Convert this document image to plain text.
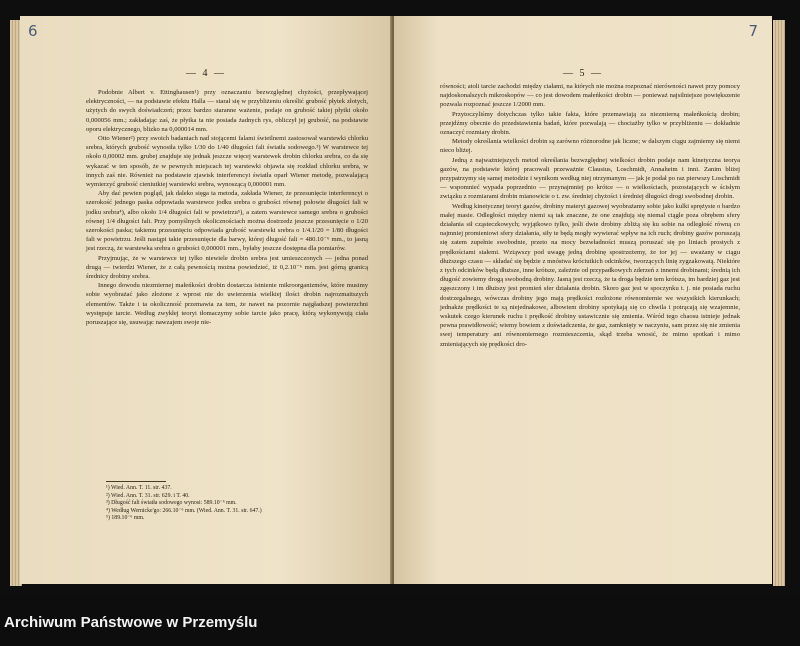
6
— 4 —

Podobnie Albert v. Ettinghausen¹) przy oznaczaniu bezwzględnej chyżości, przepływającej elektryczności, — na podstawie efektu Halla — starał się w przybliżeniu określić grubość płytek złotych, użytych do swych doświadczeń; przez bardzo staranne ważenie, podaje on grubość takiej płytki około 0,000056 mm.; zakładając zaś, że płytka ta nie posiada żadnych rys, obliczył jej grubość, na podstawie oporu elektrycznego, blizko na 0,000014 mm.

Otto Wiener²) przy swoich badaniach nad stojącemi falami świetlnemi zastosował warstewki chlorku srebra, których grubość wynosiła tylko 1/30 do 1/40 długości fali światła sodowego.³) W warstewce tej około 0,00002 mm. grubej znajduje się jednak jeszcze więcej warstewek drobin chlorku srebra, co da się wykazać w ten sposób, że w pewnych miejscach tej warstewki objawia się rozkład chlorku srebra, w innych zaś nie. Również na podstawie zjawisk interferencyi światła oparł Wiener metodę, pozwalającą wymierzyć grubość cieniutkiej warstewki srebra, wynoszącą 0,000001 mm.

Aby dać pewien pogląd, jak daleko sięga ta metoda, zakłada Wiener, że przesunięcie interferencyi o szerokość jednego paska odpowiada warstewce jodku srebra o grubości równej połowie długości fali w jodku srebra⁴), albo około 1/4 długości fali w powietrzu⁵), a zatem warstewce samego srebra o grubości równej 1/4 długości fali. Przy pomyślnych okolicznościach można dostrzedz jeszcze przesunięcie o 1/20 szerokości paska; takiemu przesunięciu odpowiada grubość warstewki srebra o 1/4.1/20 = 1/80 długości fali w powietrzu. Jeśli nastąpi takie przesunięcie dla barwy, której długość fali = 480.10⁻⁶ mm., to jasną jest rzeczą, że warstewka srebra o grubości 0,000001 mm., byłaby jeszcze dostępna dla pomiarów.

Przyjmując, że w warstewce tej tylko niewiele drobin srebra jest umieszczonych — jedna ponad drugą — twierdzi Wiener, że z całą pewnością można powiedzieć, iż 0,2.10⁻⁶ mm. jest górną granicą średnicy drobiny srebra.

Innego dowodu niezmiernej małeńkości drobin dostarcza istnienie mikroorganizmów, które musimy sobie wyobrażać jako złożone z wprost nie do uwierzenia wielkiej ilości drobin najrozmaitszych elementów. Także i ta okoliczność przemawia za tem, że nawet na pozornie najgładszej powierzchni występuje tarcie. Według zwykłej teoryi tłomaczymy sobie tarcie jako pracę, którą wykonywują ciała poruszające się, usuwając nawzajem swoje nie-

¹) Wied. Ann. T. 11. str. 437.
²) Wied. Ann. T. 31. str. 629. i T. 40.
³) Długość fali światła sodowego wynosi: 589.10⁻⁶ mm.
⁴) Według Wernicke'go: 266.10⁻⁶ mm. (Wied. Ann. T. 31. str. 647.)
⁵) 189.10⁻⁶ mm.
7
— 5 —

równości; atoli tarcie zachodzi między ciałami, na których nie można rozpoznać nierówności nawet przy pomocy najdoskonalszych mikroskopów — co jest dowodem małeńkości drobin — ponieważ najsilniejsze powiększenie pozwala rozpoznać jeszcze 1/2000 mm.

Przytoczyliśmy dotychczas tylko takie fakta, które przemawiają za niezmierną małeńkością drobin; przejdźmy obecnie do przedstawienia badań, które pozwalają — chociażby tylko w przybliżeniu — dokładnie oznaczyć rozmiary drobin.

Metody określania wielkości drobin są zarówno różnorodne jak liczne; w dalszym ciągu zajmiemy się niemi nieco bliżej.

Jedną z najważniejszych metod określania bezwzględnej wielkości drobin podaje nam kinetyczna teorya gazów, na podstawie której pracowali przeważnie Clausius, Loschmidt, Annaheim i inni. Zanim bliżej przypatrzymy się samej metodzie i wynikom według niej otrzymanym — jak je podał po raz pierwszy Loschmidt — wspomnieć wypada poprzednio — przynajmniej po krótce — o wielkościach, pozostających w ścisłym związku z rozmiarami drobin mianowicie o t. zw. średniej chyżości i średniej długości drogi swobodnej drobin.

Według kinetycznej teoryi gazów, drobiny materyi gazowej wyobrażamy sobie jako kulki sprężyste o bardzo małej masie. Odległości między niemi są tak znaczne, że one znajdują się niemal ciągle poza obrębem sfery działania sił cząsteczkowych; wyjątkowo tylko, jeśli dwie drobiny zbliżą się ku sobie na odległość równą co najmniej promieniowi sfery działania, siły te będą mogły wywierać wpływ na ich ruch; drobiny gazów poruszają się zatem zupełnie swobodnie, przeto na mocy bezwładności muszą poruszać się po liniach prostych z prędkościami stałemi. Wziąwszy pod uwagę jedną drobinę spostrzeżemy, że tor jej — uważany w ciągu dłuższego czasu — składać się będzie z mnóstwa króciutkich odcinków, tworzących linię zygzakowatą. Niektóre z tych odcinków będą dłuższe, inne krótsze, zależnie od przypadkowych zderzeń z innemi drobinami; średnią ich długość zowiemy drogą swobodną drobiny. Jasną jest rzeczą, że ta droga będzie tem krótsza, im bardziej gaz jest zgęszczony i im dłuższy jest promień sfer działania drobin. Skoro gaz jest w spoczynku t. j. nie posiada ruchu dostrzegalnego, wówczas drobiny jego mają prędkości rozłożone równomiernie we wszystkich kierunkach; jednakże prędkości te są niejednakowe, albowiem drobiny spotykają się co chwila i potrącają się wzajemnie, wskutek czego kierunek ruchu i prędkość drobiny ustawicznie się zmienia. Wśród tego chaosu istnieje jednak pewna prawidłowość; wiemy bowiem z doświadczenia, że gaz, zamknięty w naczyniu, sam przez się nie zmienia swej temperatury ani równomiernego rozmieszczenia, skąd trzeba wnosić, że mimo spotkań i mimo zmieniających się prędkości dro-

Archiwum Państwowe w Przemyślu
